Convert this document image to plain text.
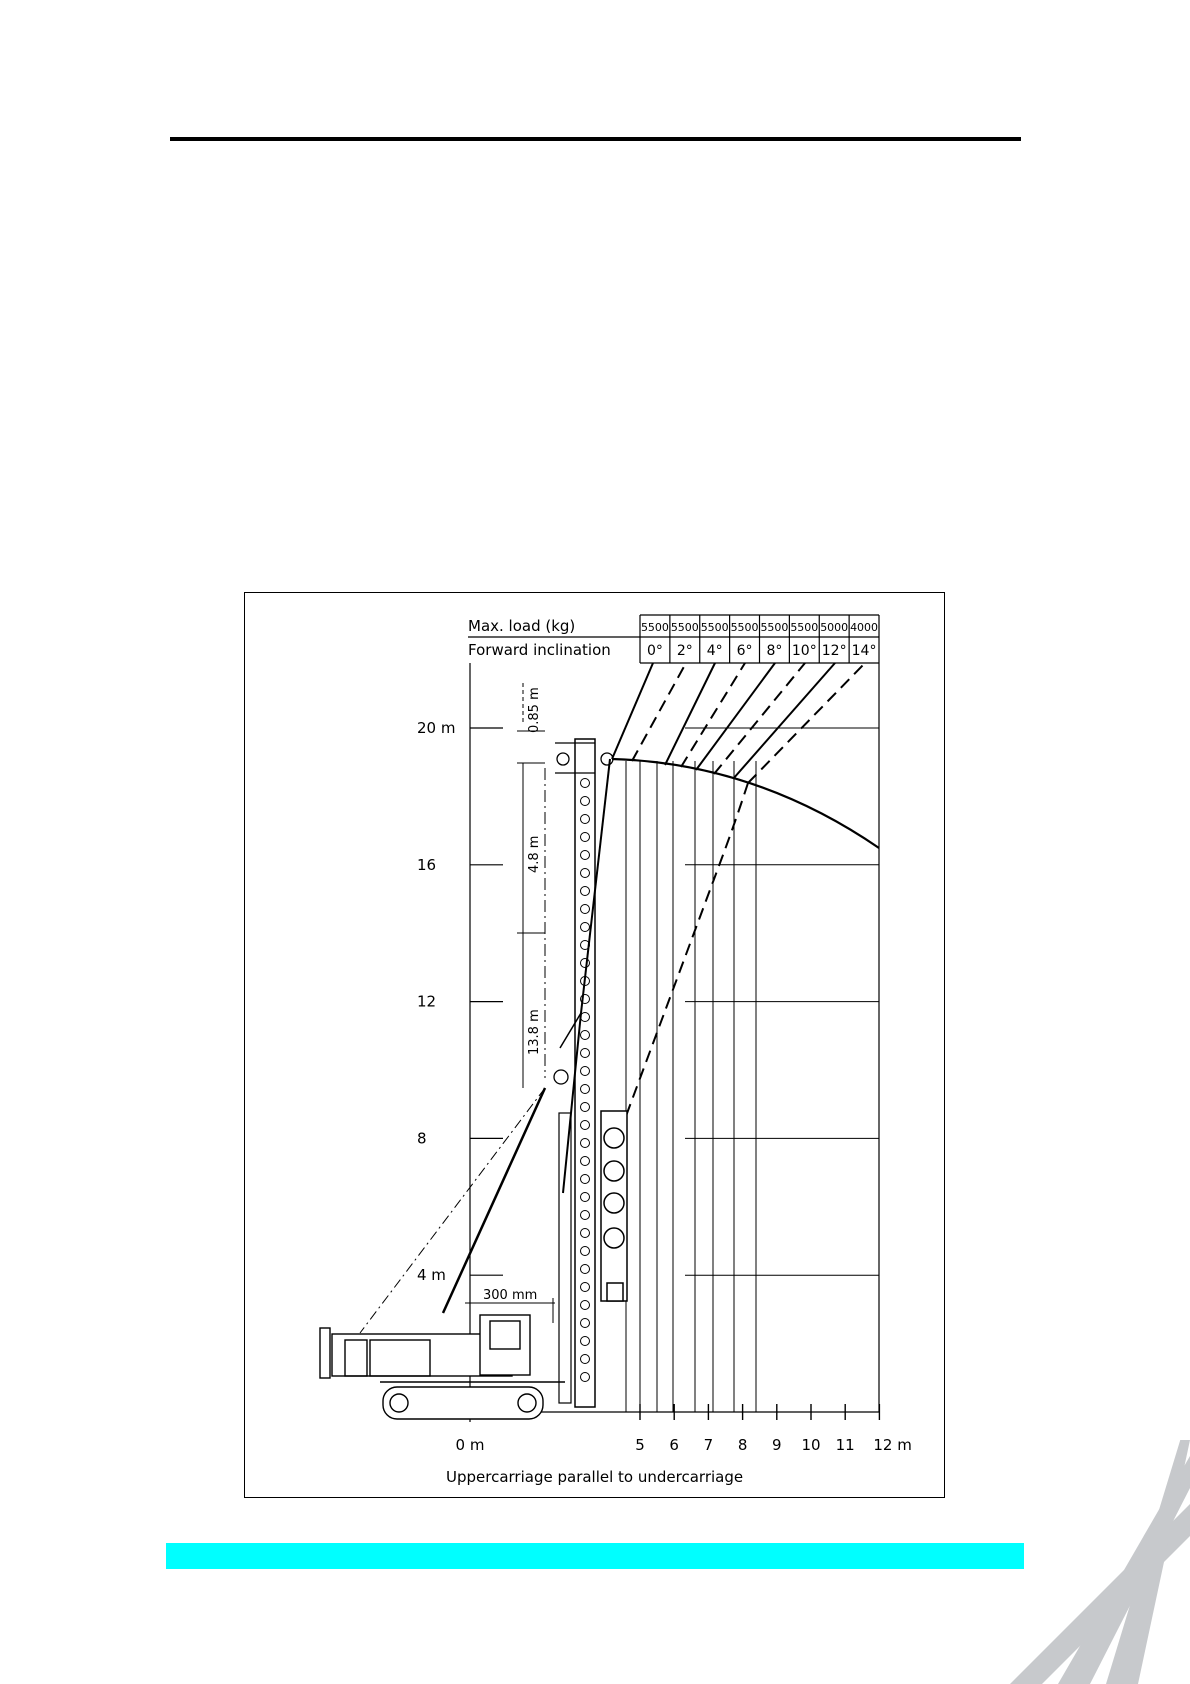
Max. load (kg)
Forward inclination
5500 5500 5500 5500 5500 5500 5000 4000
0° 2° 4° 6° 8° 10° 12° 14°
20 m
16
12
8
4 m
0 m	5 6 7 8 9 10 11 12 m
0.85 m
4.8 m
13.8 m
300 mm
Uppercarriage parallel to undercarriage
